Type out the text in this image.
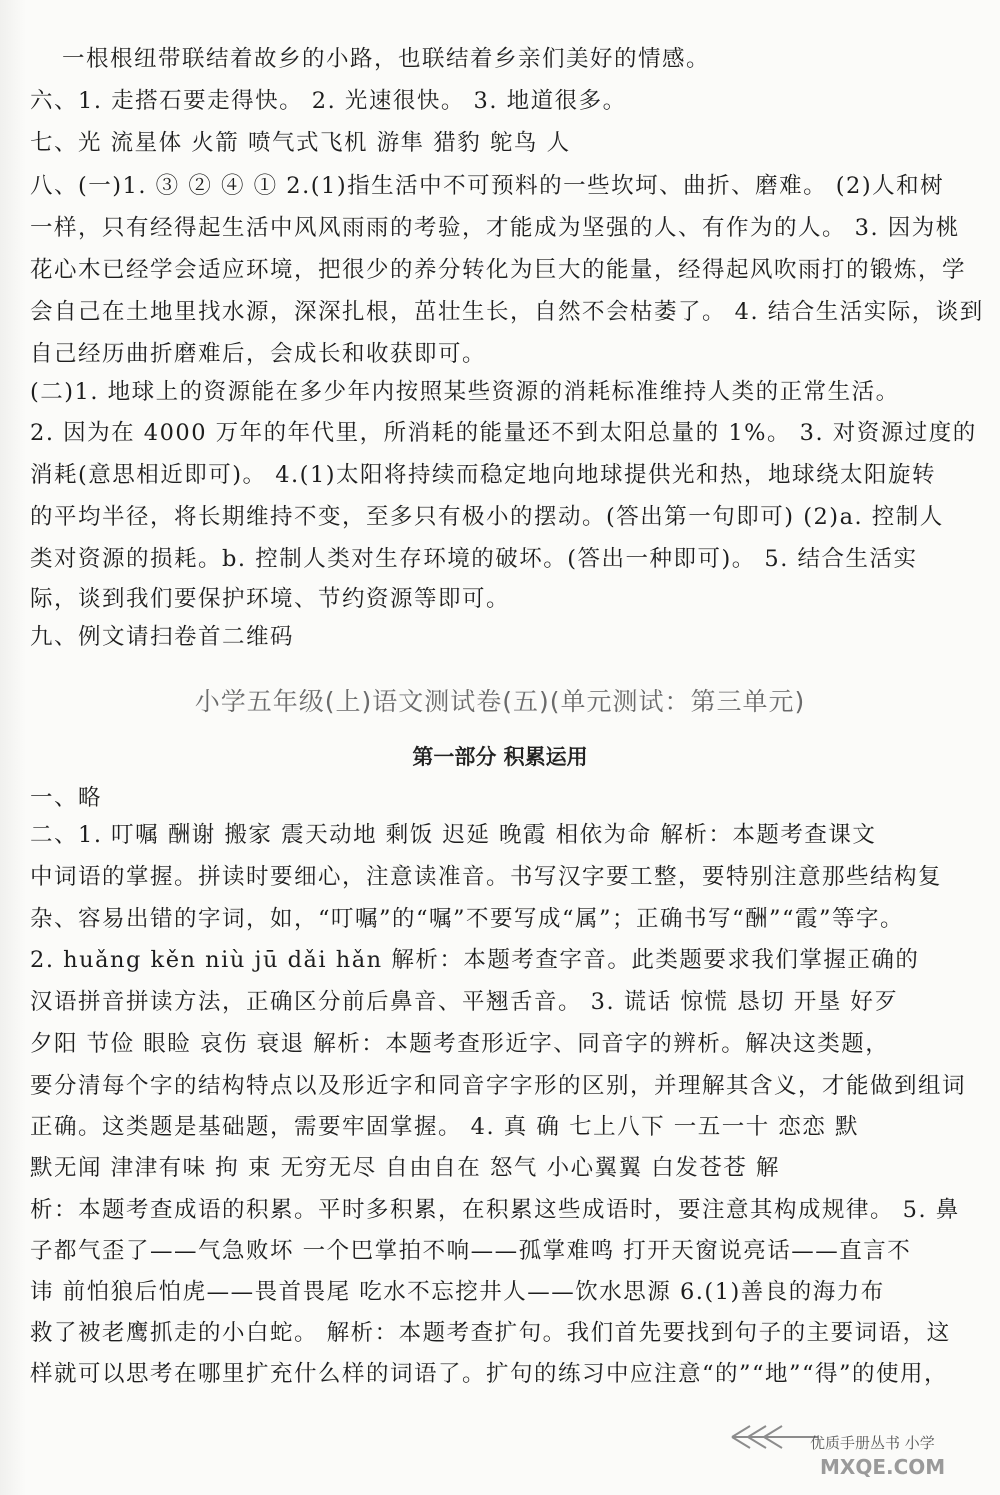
一根根纽带联结着故乡的小路，也联结着乡亲们美好的情感。
六、1. 走搭石要走得快。 2. 光速很快。 3. 地道很多。
七、光 流星体 火箭 喷气式飞机 游隼 猎豹 鸵鸟 人
八、(一)1. ③ ② ④ ① 2.(1)指生活中不可预料的一些坎坷、曲折、磨难。 (2)人和树
一样，只有经得起生活中风风雨雨的考验，才能成为坚强的人、有作为的人。 3. 因为桃
花心木已经学会适应环境，把很少的养分转化为巨大的能量，经得起风吹雨打的锻炼，学
会自己在土地里找水源，深深扎根，茁壮生长，自然不会枯萎了。 4. 结合生活实际，谈到
自己经历曲折磨难后，会成长和收获即可。
(二)1. 地球上的资源能在多少年内按照某些资源的消耗标准维持人类的正常生活。
2. 因为在 4000 万年的年代里，所消耗的能量还不到太阳总量的 1%。 3. 对资源过度的
消耗(意思相近即可)。 4.(1)太阳将持续而稳定地向地球提供光和热，地球绕太阳旋转
的平均半径，将长期维持不变，至多只有极小的摆动。(答出第一句即可) (2)a. 控制人
类对资源的损耗。b. 控制人类对生存环境的破坏。(答出一种即可)。 5. 结合生活实
际，谈到我们要保护环境、节约资源等即可。
九、例文请扫卷首二维码
小学五年级(上)语文测试卷(五)(单元测试：第三单元)
第一部分 积累运用
一、略
二、1. 叮嘱 酬谢 搬家 震天动地 剩饭 迟延 晚霞 相依为命 解析：本题考查课文
中词语的掌握。拼读时要细心，注意读准音。书写汉字要工整，要特别注意那些结构复
杂、容易出错的字词，如，“叮嘱”的“嘱”不要写成“属”；正确书写“酬”“霞”等字。
2. huǎng kěn niù jū dǎi hǎn 解析：本题考查字音。此类题要求我们掌握正确的
汉语拼音拼读方法，正确区分前后鼻音、平翘舌音。 3. 谎话 惊慌 恳切 开垦 好歹
夕阳 节俭 眼睑 哀伤 衰退 解析：本题考查形近字、同音字的辨析。解决这类题，
要分清每个字的结构特点以及形近字和同音字字形的区别，并理解其含义，才能做到组词
正确。这类题是基础题，需要牢固掌握。 4. 真 确 七上八下 一五一十 恋恋 默
默无闻 津津有味 拘 束 无穷无尽 自由自在 怒气 小心翼翼 白发苍苍 解
析：本题考查成语的积累。平时多积累，在积累这些成语时，要注意其构成规律。 5. 鼻
子都气歪了——气急败坏 一个巴掌拍不响——孤掌难鸣 打开天窗说亮话——直言不
讳 前怕狼后怕虎——畏首畏尾 吃水不忘挖井人——饮水思源 6.(1)善良的海力布
救了被老鹰抓走的小白蛇。 解析：本题考查扩句。我们首先要找到句子的主要词语，这
样就可以思考在哪里扩充什么样的词语了。扩句的练习中应注意“的”“地”“得”的使用，
优质手册丛书 小学
MXQE.COM
